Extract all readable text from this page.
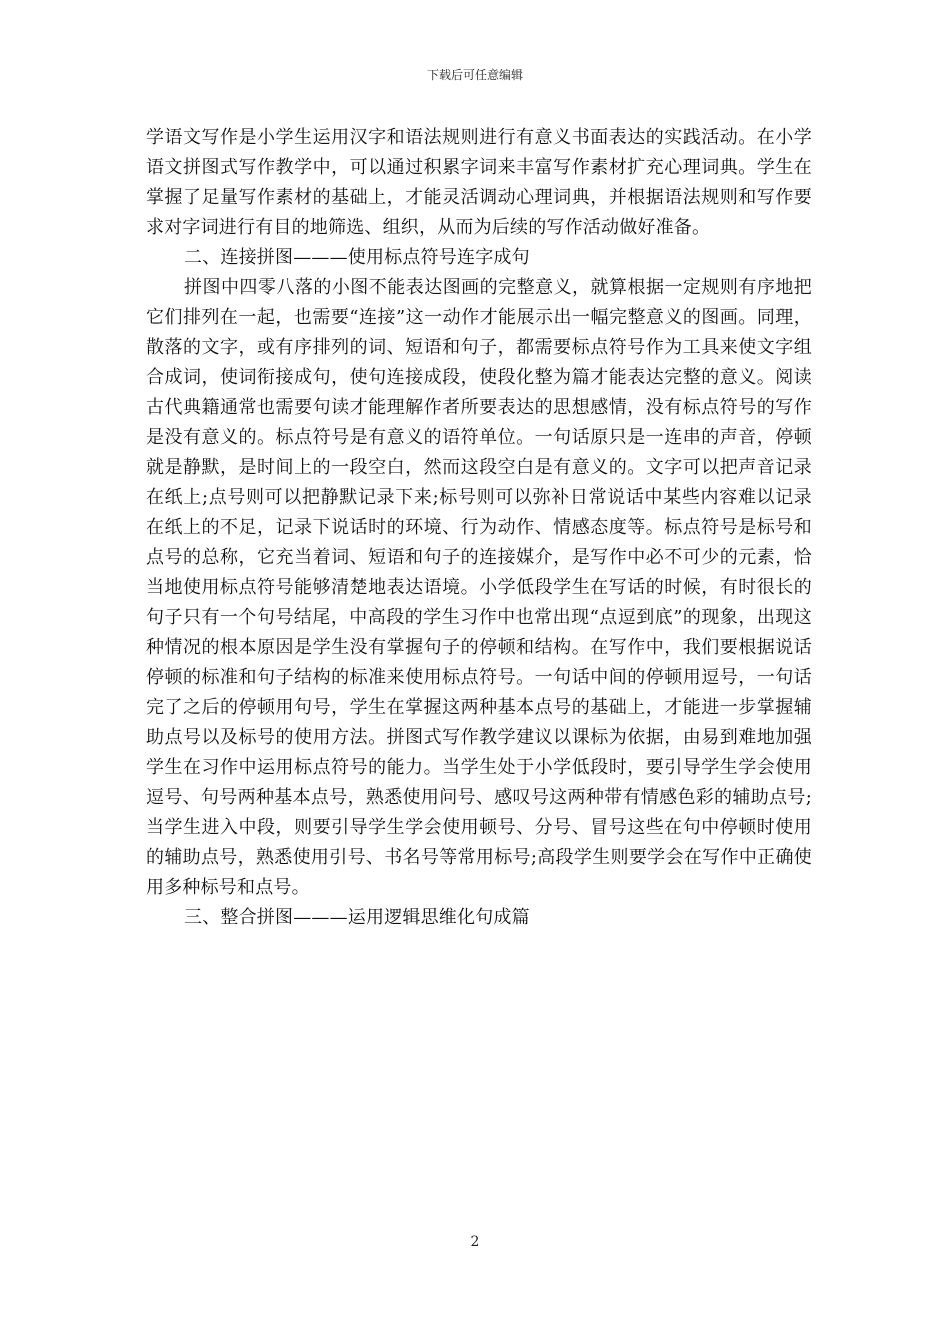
下载后可任意编辑

学语文写作是小学生运用汉字和语法规则进行有意义书面表达的实践活动。在小学语文拼图式写作教学中，可以通过积累字词来丰富写作素材扩充心理词典。学生在掌握了足量写作素材的基础上，才能灵活调动心理词典，并根据语法规则和写作要求对字词进行有目的地筛选、组织，从而为后续的写作活动做好准备。

二、连接拼图———使用标点符号连字成句

拼图中四零八落的小图不能表达图画的完整意义，就算根据一定规则有序地把它们排列在一起，也需要“连接”这一动作才能展示出一幅完整意义的图画。同理，散落的文字，或有序排列的词、短语和句子，都需要标点符号作为工具来使文字组合成词，使词衔接成句，使句连接成段，使段化整为篇才能表达完整的意义。阅读古代典籍通常也需要句读才能理解作者所要表达的思想感情，没有标点符号的写作是没有意义的。标点符号是有意义的语符单位。一句话原只是一连串的声音，停顿就是静默，是时间上的一段空白，然而这段空白是有意义的。文字可以把声音记录在纸上;点号则可以把静默记录下来;标号则可以弥补日常说话中某些内容难以记录在纸上的不足，记录下说话时的环境、行为动作、情感态度等。标点符号是标号和点号的总称，它充当着词、短语和句子的连接媒介，是写作中必不可少的元素，恰当地使用标点符号能够清楚地表达语境。小学低段学生在写话的时候，有时很长的句子只有一个句号结尾，中高段的学生习作中也常出现“点逗到底”的现象，出现这种情况的根本原因是学生没有掌握句子的停顿和结构。在写作中，我们要根据说话停顿的标准和句子结构的标准来使用标点符号。一句话中间的停顿用逗号，一句话完了之后的停顿用句号，学生在掌握这两种基本点号的基础上，才能进一步掌握辅助点号以及标号的使用方法。拼图式写作教学建议以课标为依据，由易到难地加强学生在习作中运用标点符号的能力。当学生处于小学低段时，要引导学生学会使用逗号、句号两种基本点号，熟悉使用问号、感叹号这两种带有情感色彩的辅助点号;当学生进入中段，则要引导学生学会使用顿号、分号、冒号这些在句中停顿时使用的辅助点号，熟悉使用引号、书名号等常用标号;高段学生则要学会在写作中正确使用多种标号和点号。

三、整合拼图———运用逻辑思维化句成篇

2
